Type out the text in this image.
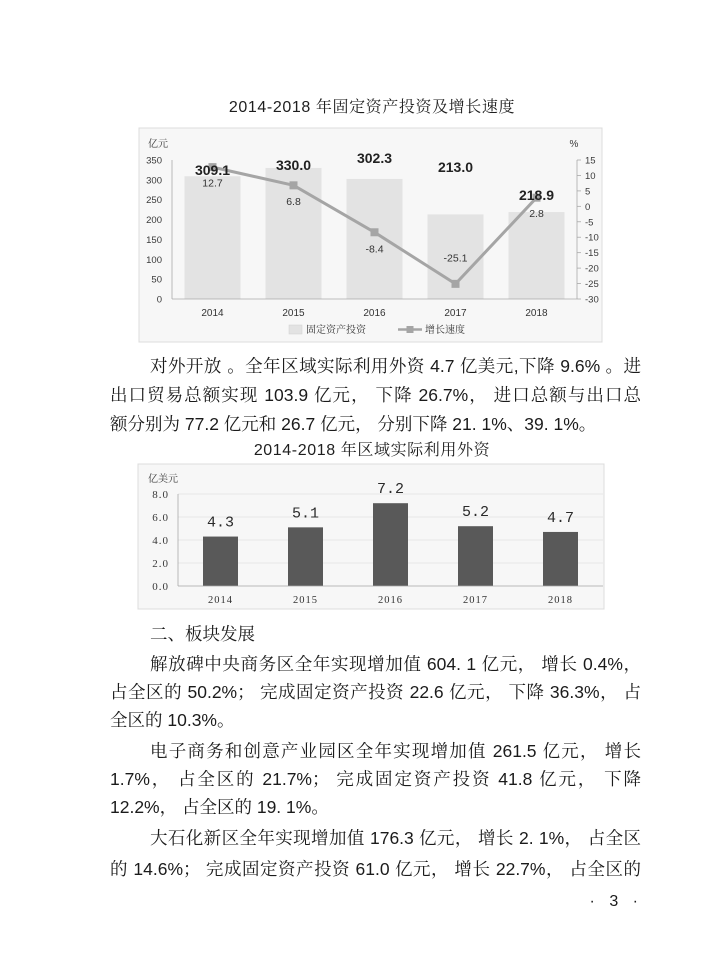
2014-2018 年固定资产投资及增长速度
亿元	%
0
50
100
150
200
250
300
350
-30
-25
-20
-15
-10
-5
0
5
10
15
2014	2015	2016	2017	2018
12.7
6.8
-8.4
-25.1
2.8
309.1	330.0	302.3
213.0
218.9
固定资产投资	增长速度
对外开放 。全年区域实际利用外资 4.7 亿美元,下降 9.6% 。进
出口贸易总额实现 103.9 亿元， 下降 26.7%， 进口总额与出口总
额分别为 77.2 亿元和 26.7 亿元， 分别下降 21. 1%、39. 1%。
2014-2018 年区域实际利用外资
亿美元
0.0
2.0
4.0
6.0
8.0
4.3
5.1
7.2
5.2	4.7
2014	2015	2016	2017	2018
二、板块发展
解放碑中央商务区全年实现增加值 604. 1 亿元， 增长 0.4%，
占全区的 50.2%； 完成固定资产投资 22.6 亿元， 下降 36.3%， 占
全区的 10.3%。
电子商务和创意产业园区全年实现增加值 261.5 亿元， 增长
1.7%， 占全区的 21.7%； 完成固定资产投资 41.8 亿元， 下降
12.2%， 占全区的 19. 1%。
大石化新区全年实现增加值 176.3 亿元， 增长 2. 1%， 占全区
的 14.6%； 完成固定资产投资 61.0 亿元， 增长 22.7%， 占全区的
· 3 ·
